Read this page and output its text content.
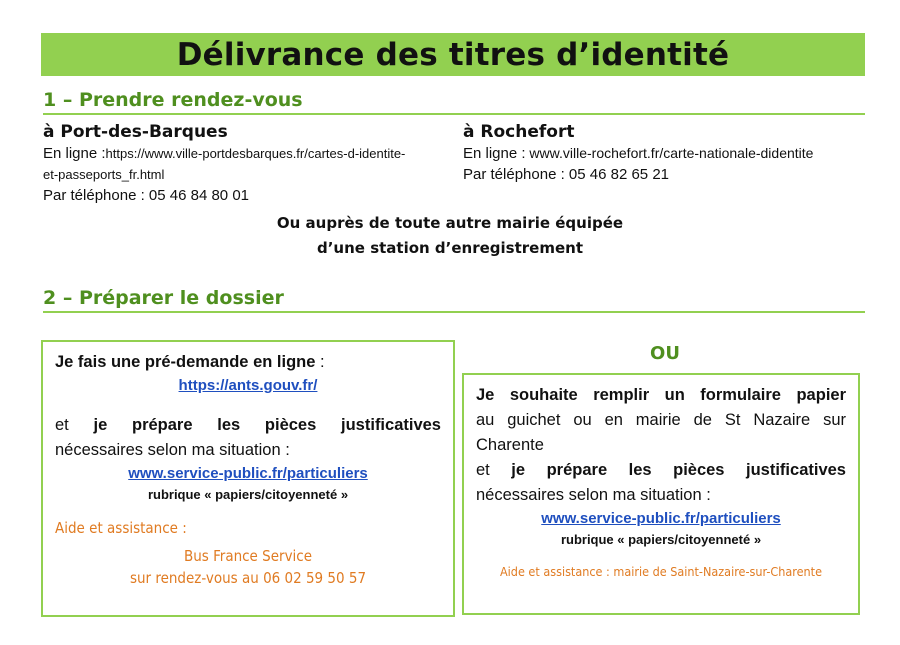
Délivrance des titres d’identité
1 – Prendre rendez-vous
à Port-des-Barques
En ligne :https://www.ville-portdesbarques.fr/cartes-d-identite-
et-passeports_fr.html
Par téléphone : 05 46 84 80 01
à Rochefort
En ligne : www.ville-rochefort.fr/carte-nationale-didentite
Par téléphone : 05 46 82 65 21
Ou auprès de toute autre mairie équipée
d’une station d’enregistrement
2 – Préparer le dossier
Je fais une pré-demande en ligne :
https://ants.gouv.fr/
et je prépare les pièces justificatives
nécessaires selon ma situation :
www.service-public.fr/particuliers
rubrique « papiers/citoyenneté »
Aide et assistance :
Bus France Service
sur rendez-vous au 06 02 59 50 57
OU
Je souhaite remplir un formulaire papier
au guichet ou en mairie de St Nazaire sur
Charente
et je prépare les pièces justificatives
nécessaires selon ma situation :
www.service-public.fr/particuliers
rubrique « papiers/citoyenneté »
Aide et assistance : mairie de Saint-Nazaire-sur-Charente
